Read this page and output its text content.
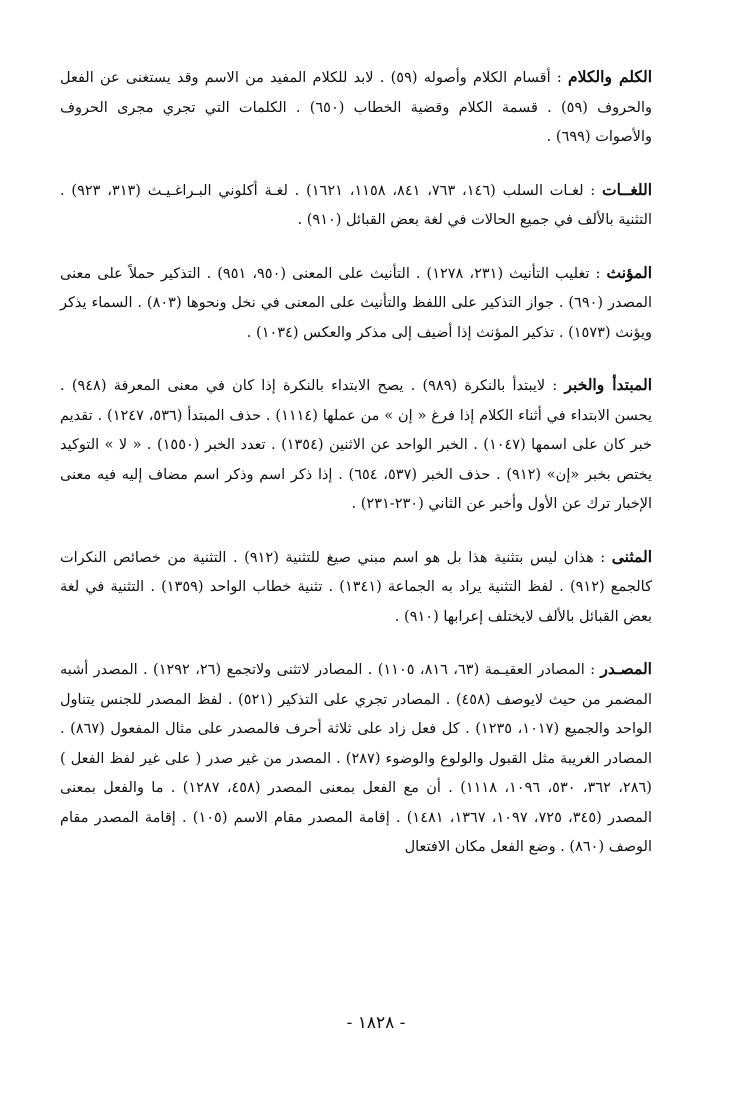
الكلم والكلام : أقسام الكلام وأصوله (٥٩) . لابد للكلام المفيد من الاسم وقد يستغنى عن الفعل والحروف (٥٩) . قسمة الكلام وقضية الخطاب (٦٥٠) . الكلمات التي تجري مجرى الحروف والأصوات (٦٩٩) .
اللغــات : لغـات السلب (١٤٦، ٧٦٣، ٨٤١، ١١٥٨، ١٦٢١) . لغـة أكلوني البـراغـيـث (٣١٣، ٩٢٣) . التثنية بالألف في جميع الحالات في لغة بعض القبائل (٩١٠) .
المؤنث : تغليب التأنيث (٢٣١، ١٢٧٨) . التأنيث على المعنى (٩٥٠، ٩٥١) . التذكير حملاً على معنى المصدر (٦٩٠) . جواز التذكير على اللفظ والتأنيث على المعنى في نخل ونحوها (٨٠٣) . السماء يذكر ويؤنث (١٥٧٣) . تذكير المؤنث إذا أضيف إلى مذكر والعكس (١٠٣٤) .
المبتدأ والخبر : لايبتدأ بالنكرة (٩٨٩) . يصح الابتداء بالنكرة إذا كان في معنى المعرفة (٩٤٨) . يحسن الابتداء في أثناء الكلام إذا فرغ « إن » من عملها (١١١٤) . حذف المبتدأ (٥٣٦، ١٢٤٧) . تقديم خبر كان على اسمها (١٠٤٧) . الخبر الواحد عن الاثنين (١٣٥٤) . تعدد الخبر (١٥٥٠) . « لا » التوكيد يختص بخبر «إن» (٩١٢) . حذف الخبر (٥٣٧، ٦٥٤) . إذا ذكر اسم وذكر اسم مضاف إليه فيه معنى الإخبار ترك عن الأول وأخبر عن الثاني (٢٣٠-٢٣١) .
المثنى : هذان ليس بتثنية هذا بل هو اسم مبني صيغ للتثنية (٩١٢) . التثنية من خصائص النكرات كالجمع (٩١٢) . لفظ التثنية يراد به الجماعة (١٣٤١) . تثنية خطاب الواحد (١٣٥٩) . التثنية في لغة بعض القبائل بالألف لايختلف إعرابها (٩١٠) .
المصـدر : المصادر العقيـمة (٦٣، ٨١٦، ١١٠٥) . المصادر لاتثنى ولاتجمع (٢٦، ١٢٩٢) . المصدر أشبه المضمر من حيث لايوصف (٤٥٨) . المصادر تجري على التذكير (٥٢١) . لفظ المصدر للجنس يتناول الواحد والجميع (١٠١٧، ١٢٣٥) . كل فعل زاد على ثلاثة أحرف فالمصدر على مثال المفعول (٨٦٧) . المصادر الغريبة مثل القبول والولوع والوضوء (٢٨٧) . المصدر من غير صدر ( على غير لفظ الفعل ) (٢٨٦، ٣٦٢، ٥٣٠، ١٠٩٦، ١١١٨) . أن مع الفعل بمعنى المصدر (٤٥٨، ١٢٨٧) . ما والفعل بمعنى المصدر (٣٤٥، ٧٢٥، ١٠٩٧، ١٣٦٧، ١٤٨١) . إقامة المصدر مقام الاسم (١٠٥) . إقامة المصدر مقام الوصف (٨٦٠) . وضع الفعل مكان الافتعال
- ١٨٢٨ -
